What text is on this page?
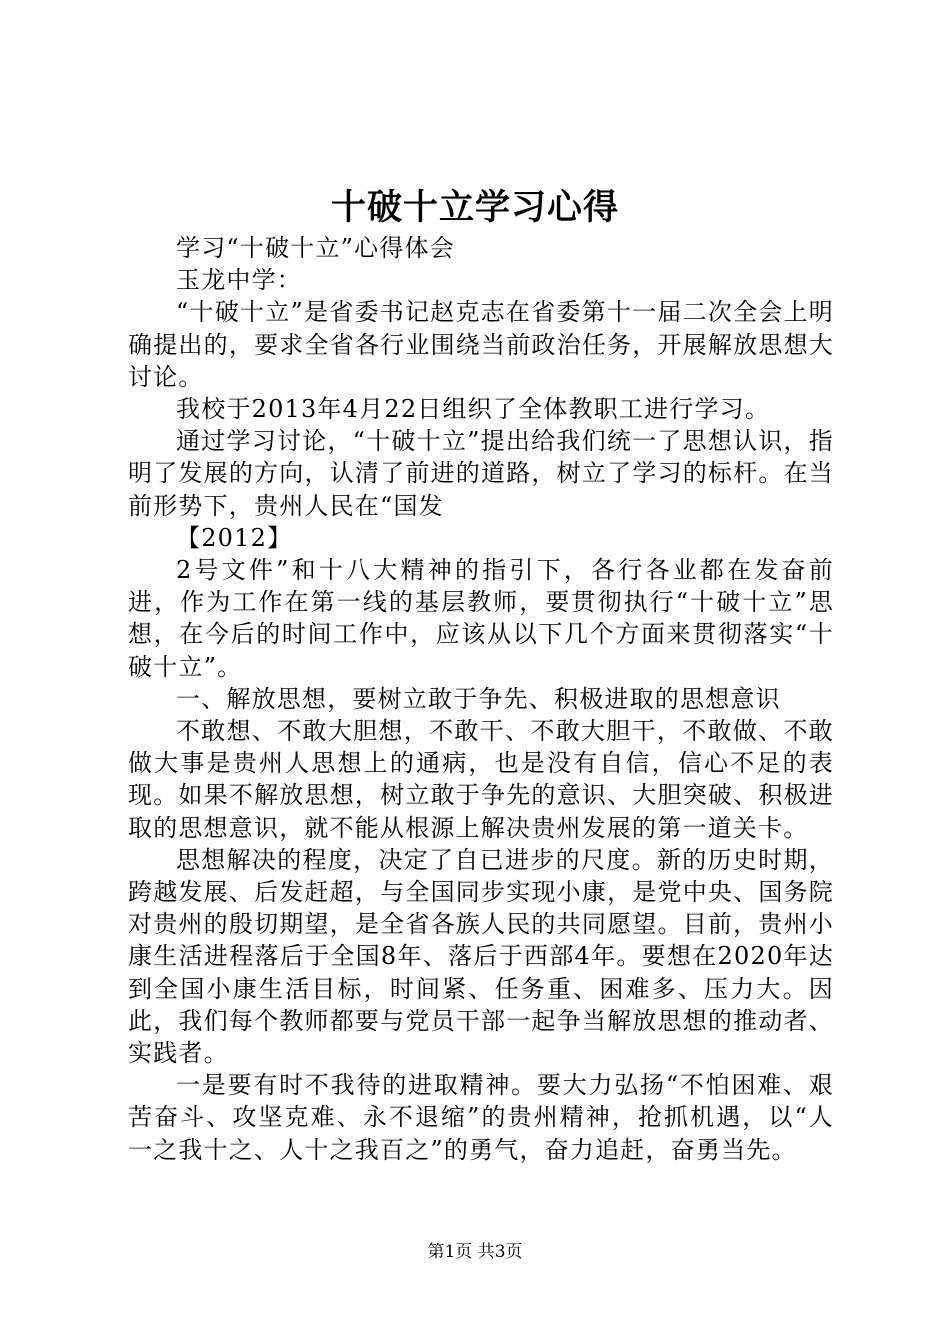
十破十立学习心得

学习“十破十立”心得体会

玉龙中学：

“十破十立”是省委书记赵克志在省委第十一届二次全会上明确提出的，要求全省各行业围绕当前政治任务，开展解放思想大讨论。

我校于2013年4月22日组织了全体教职工进行学习。

通过学习讨论，“十破十立”提出给我们统一了思想认识，指明了发展的方向，认清了前进的道路，树立了学习的标杆。在当前形势下，贵州人民在“国发

【2012】

2号文件”和十八大精神的指引下，各行各业都在发奋前进，作为工作在第一线的基层教师，要贯彻执行“十破十立”思想，在今后的时间工作中，应该从以下几个方面来贯彻落实“十破十立”。

一、解放思想，要树立敢于争先、积极进取的思想意识

不敢想、不敢大胆想，不敢干、不敢大胆干，不敢做、不敢做大事是贵州人思想上的通病，也是没有自信，信心不足的表现。如果不解放思想，树立敢于争先的意识、大胆突破、积极进取的思想意识，就不能从根源上解决贵州发展的第一道关卡。

思想解决的程度，决定了自已进步的尺度。新的历史时期，跨越发展、后发赶超，与全国同步实现小康，是党中央、国务院对贵州的殷切期望，是全省各族人民的共同愿望。目前，贵州小康生活进程落后于全国8年、落后于西部4年。要想在2020年达到全国小康生活目标，时间紧、任务重、困难多、压力大。因此，我们每个教师都要与党员干部一起争当解放思想的推动者、实践者。

一是要有时不我待的进取精神。要大力弘扬“不怕困难、艰苦奋斗、攻坚克难、永不退缩”的贵州精神，抢抓机遇，以“人一之我十之、人十之我百之”的勇气，奋力追赶，奋勇当先。

第1页 共3页
